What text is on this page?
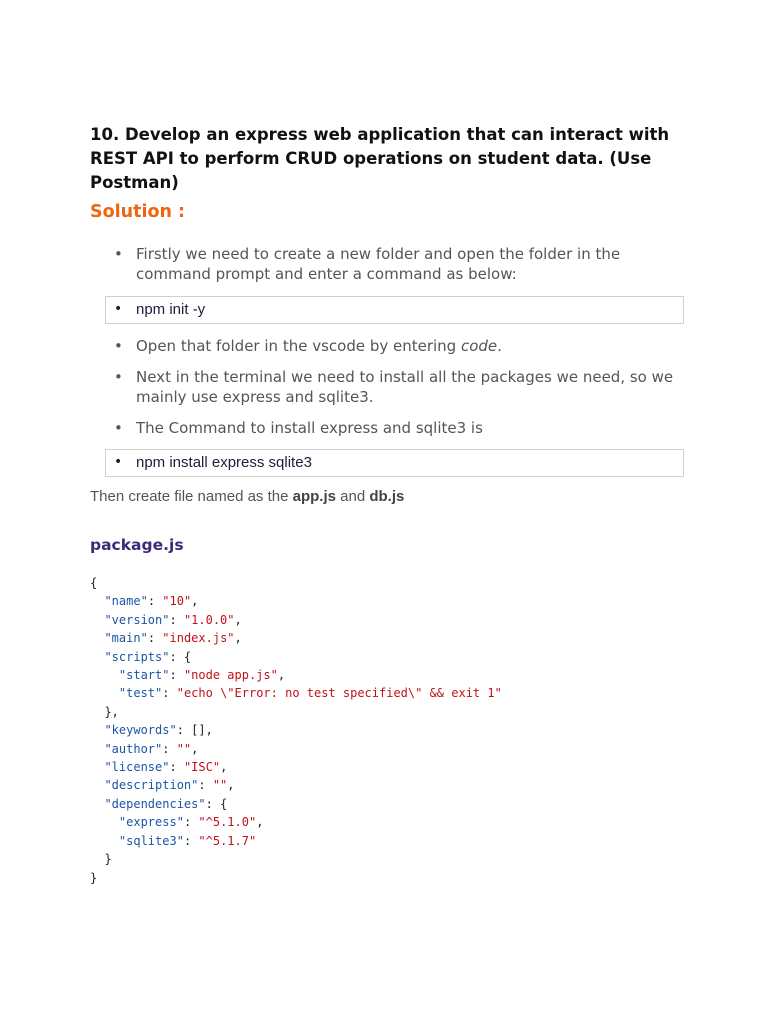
10. Develop an express web application that can interact with REST API to perform CRUD operations on student data. (Use Postman)
Solution :
• Firstly we need to create a new folder and open the folder in the command prompt and enter a command as below:
• npm init -y
• Open that folder in the vscode by entering code.
• Next in the terminal we need to install all the packages we need, so we mainly use express and sqlite3.
• The Command to install express and sqlite3 is
• npm install express sqlite3
Then create file named as the app.js and db.js
package.js
{
"name": "10",
"version": "1.0.0",
"main": "index.js",
"scripts": {
"start": "node app.js",
"test": "echo \"Error: no test specified\" && exit 1"
},
"keywords": [],
"author": "",
"license": "ISC",
"description": "",
"dependencies": {
"express": "^5.1.0",
"sqlite3": "^5.1.7"
}
}
